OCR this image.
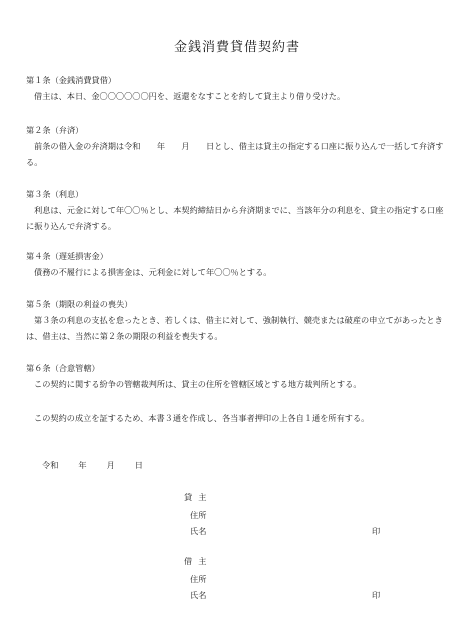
金銭消費貸借契約書
第１条（金銭消費貸借）
借主は、本日、金〇〇〇〇〇〇円を、返還をなすことを約して貸主より借り受けた。
第２条（弁済）
前条の借入金の弁済期は令和　　年　　月　　日とし、借主は貸主の指定する口座に振り込んで一括して弁済する。
第３条（利息）
利息は、元金に対して年〇〇％とし、本契約締結日から弁済期までに、当該年分の利息を、貸主の指定する口座に振り込んで弁済する。
第４条（遅延損害金）
債務の不履行による損害金は、元利金に対して年〇〇％とする。
第５条（期限の利益の喪失）
第３条の利息の支払を怠ったとき、若しくは、借主に対して、強制執行、競売または破産の申立てがあったときは、借主は、当然に第２条の期限の利益を喪失する。
第６条（合意管轄）
この契約に関する紛争の管轄裁判所は、貸主の住所を管轄区域とする地方裁判所とする。
この契約の成立を証するため、本書３通を作成し、各当事者押印の上各自１通を所有する。
令和 年 月 日
貸主
住所
氏名	印
借主
住所
氏名	印
